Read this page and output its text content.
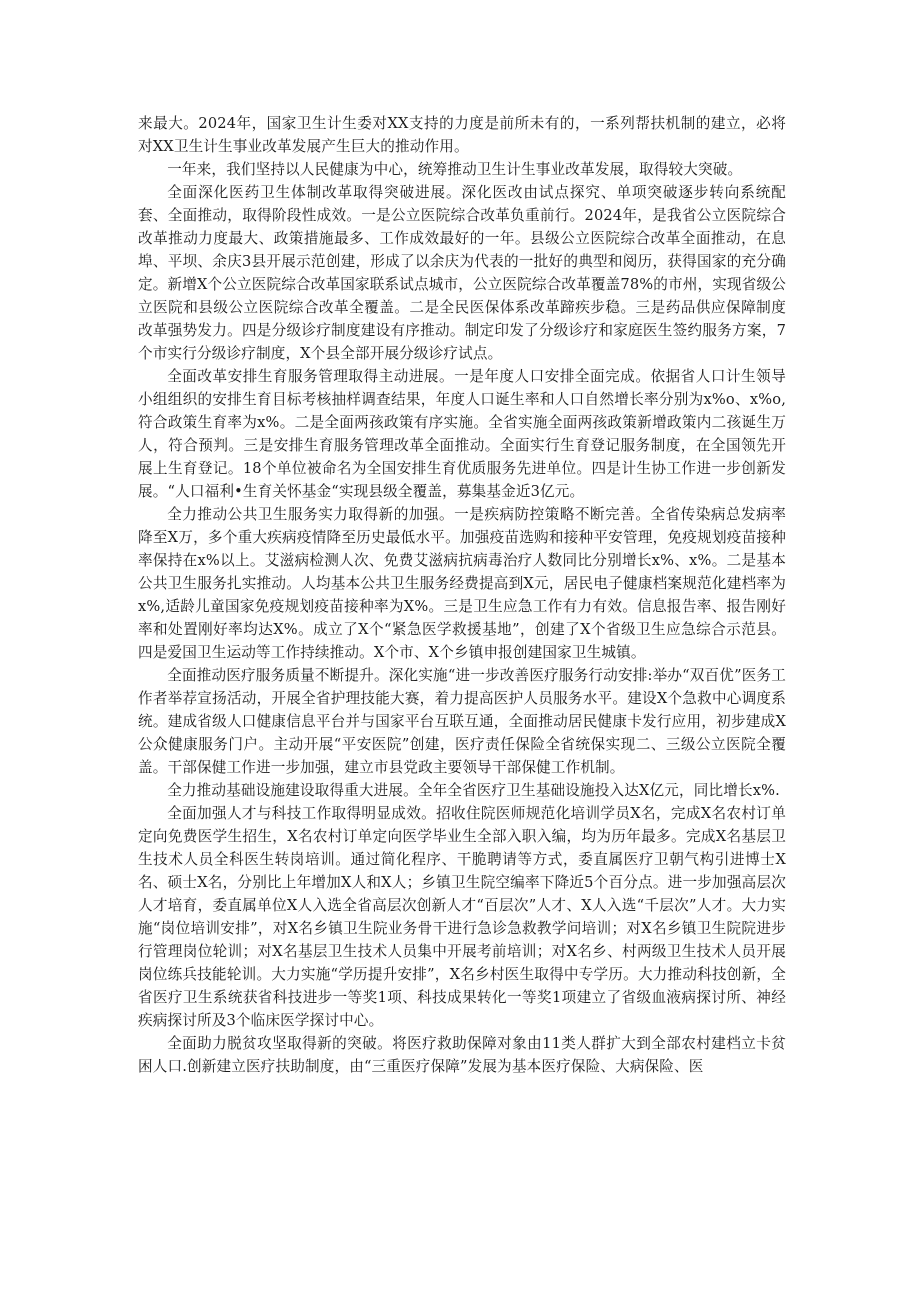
来最大。2024年，国家卫生计生委对XX支持的力度是前所未有的，一系列帮扶机制的建立，必将对XX卫生计生事业改革发展产生巨大的推动作用。

一年来，我们坚持以人民健康为中心，统筹推动卫生计生事业改革发展，取得较大突破。

全面深化医药卫生体制改革取得突破进展。深化医改由试点探究、单项突破逐步转向系统配套、全面推动，取得阶段性成效。一是公立医院综合改革负重前行。2024年，是我省公立医院综合改革推动力度最大、政策措施最多、工作成效最好的一年。县级公立医院综合改革全面推动，在息埠、平坝、余庆3县开展示范创建，形成了以余庆为代表的一批好的典型和阅历，获得国家的充分确定。新增X个公立医院综合改革国家联系试点城市，公立医院综合改革覆盖78%的市州，实现省级公立医院和县级公立医院综合改革全覆盖。二是全民医保体系改革蹄疾步稳。三是药品供应保障制度改革强势发力。四是分级诊疗制度建设有序推动。制定印发了分级诊疗和家庭医生签约服务方案，7个市实行分级诊疗制度，X个县全部开展分级诊疗试点。

全面改革安排生育服务管理取得主动进展。一是年度人口安排全面完成。依据省人口计生领导小组组织的安排生育目标考核抽样调查结果，年度人口诞生率和人口自然增长率分别为x%o、x%o,符合政策生育率为x%。二是全面两孩政策有序实施。全省实施全面两孩政策新增政策内二孩诞生万人，符合预判。三是安排生育服务管理改革全面推动。全面实行生育登记服务制度，在全国领先开展上生育登记。18个单位被命名为全国安排生育优质服务先进单位。四是计生协工作进一步创新发展。“人口福利•生育关怀基金“实现县级全覆盖，募集基金近3亿元。

全力推动公共卫生服务实力取得新的加强。一是疾病防控策略不断完善。全省传染病总发病率降至X万，多个重大疾病疫情降至历史最低水平。加强疫苗选购和接种平安管理，免疫规划疫苗接种率保持在x%以上。艾滋病检测人次、免费艾滋病抗病毒治疗人数同比分别增长x%、x%。二是基本公共卫生服务扎实推动。人均基本公共卫生服务经费提高到X元，居民电子健康档案规范化建档率为x%,适龄儿童国家免疫规划疫苗接种率为X%。三是卫生应急工作有力有效。信息报告率、报告刚好率和处置刚好率均达X%。成立了X个“紧急医学救援基地”，创建了X个省级卫生应急综合示范县。四是爱国卫生运动等工作持续推动。X个市、X个乡镇申报创建国家卫生城镇。

全面推动医疗服务质量不断提升。深化实施“进一步改善医疗服务行动安排:举办“双百优”医务工作者举荐宣扬活动，开展全省护理技能大赛，着力提高医护人员服务水平。建设X个急救中心调度系统。建成省级人口健康信息平台并与国家平台互联互通，全面推动居民健康卡发行应用，初步建成X公众健康服务门户。主动开展“平安医院”创建，医疗责任保险全省统保实现二、三级公立医院全覆盖。干部保健工作进一步加强，建立市县党政主要领导干部保健工作机制。

全力推动基础设施建设取得重大进展。全年全省医疗卫生基础设施投入达X亿元，同比增长x%.

全面加强人才与科技工作取得明显成效。招收住院医师规范化培训学员X名，完成X名农村订单定向免费医学生招生，X名农村订单定向医学毕业生全部入职入编，均为历年最多。完成X名基层卫生技术人员全科医生转岗培训。通过简化程序、干脆聘请等方式，委直属医疗卫朝气构引进博士X名、硕士X名，分别比上年增加X人和X人；乡镇卫生院空编率下降近5个百分点。进一步加强高层次人才培育，委直属单位X人入选全省高层次创新人才“百层次”人才、X人入选“千层次”人才。大力实施“岗位培训安排”，对X名乡镇卫生院业务骨干进行急诊急救教学问培训；对X名乡镇卫生院院进步行管理岗位轮训；对X名基层卫生技术人员集中开展考前培训；对X名乡、村两级卫生技术人员开展岗位练兵技能轮训。大力实施“学历提升安排”，X名乡村医生取得中专学历。大力推动科技创新，全省医疗卫生系统获省科技进步一等奖1项、科技成果转化一等奖1项建立了省级血液病探讨所、神经疾病探讨所及3个临床医学探讨中心。

全面助力脱贫攻坚取得新的突破。将医疗救助保障对象由11类人群扩大到全部农村建档立卡贫困人口.创新建立医疗扶助制度，由“三重医疗保障”发展为基本医疗保险、大病保险、医
